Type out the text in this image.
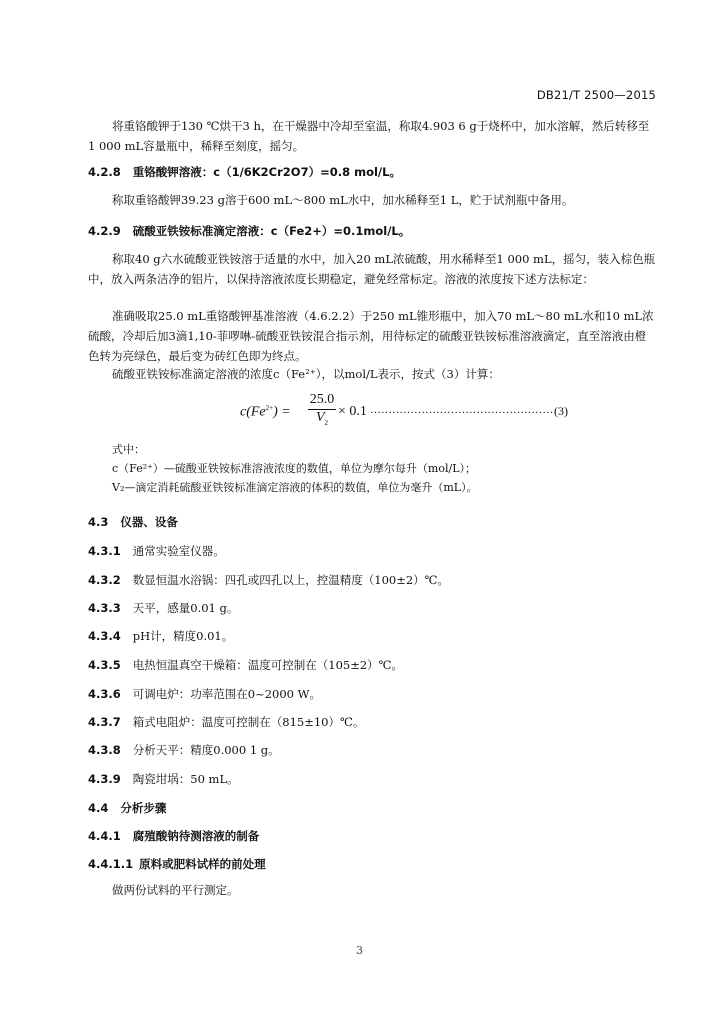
DB21/T 2500—2015

将重铬酸钾于130 ℃烘干3 h，在干燥器中冷却至室温，称取4.903 6 g于烧杯中，加水溶解，然后转移至1 000 mL容量瓶中，稀释至刻度，摇匀。

4.2.8 重铬酸钾溶液：c（1/6K2Cr2O7）=0.8 mol/L。

称取重铬酸钾39.23 g溶于600 mL～800 mL水中，加水稀释至1 L，贮于试剂瓶中备用。

4.2.9 硫酸亚铁铵标准滴定溶液：c（Fe2+）=0.1mol/L。

称取40 g六水硫酸亚铁铵溶于适量的水中，加入20 mL浓硫酸，用水稀释至1 000 mL，摇匀，装入棕色瓶中，放入两条洁净的铝片，以保持溶液浓度长期稳定，避免经常标定。溶液的浓度按下述方法标定：

准确吸取25.0 mL重铬酸钾基准溶液（4.6.2.2）于250 mL锥形瓶中，加入70 mL～80 mL水和10 mL浓硫酸，冷却后加3滴1,10-菲啰啉-硫酸亚铁铵混合指示剂，用待标定的硫酸亚铁铵标准溶液滴定，直至溶液由橙色转为亮绿色，最后变为砖红色即为终点。

硫酸亚铁铵标准滴定溶液的浓度c（Fe²⁺），以mol/L表示，按式（3）计算：

$c(Fe^{2+}) = \frac{25.0}{V_2} \times 0.1$ ……………………………………………
(3)

式中：

c（Fe²⁺）—硫酸亚铁铵标准溶液浓度的数值，单位为摩尔每升（mol/L）；

V₂—滴定消耗硫酸亚铁铵标准滴定溶液的体积的数值，单位为毫升（mL）。

4.3 仪器、设备
4.3.1 通常实验室仪器。
4.3.2 数显恒温水浴锅：四孔或四孔以上，控温精度（100±2）℃。
4.3.3 天平，感量0.01 g。
4.3.4 pH计，精度0.01。
4.3.5 电热恒温真空干燥箱：温度可控制在（105±2）℃。
4.3.6 可调电炉：功率范围在0~2000 W。
4.3.7 箱式电阻炉：温度可控制在（815±10）℃。
4.3.8 分析天平：精度0.000 1 g。
4.3.9 陶瓷坩埚：50 mL。
4.4 分析步骤
4.4.1 腐殖酸钠待测溶液的制备
4.4.1.1 原料或肥料试样的前处理

做两份试料的平行测定。

3
